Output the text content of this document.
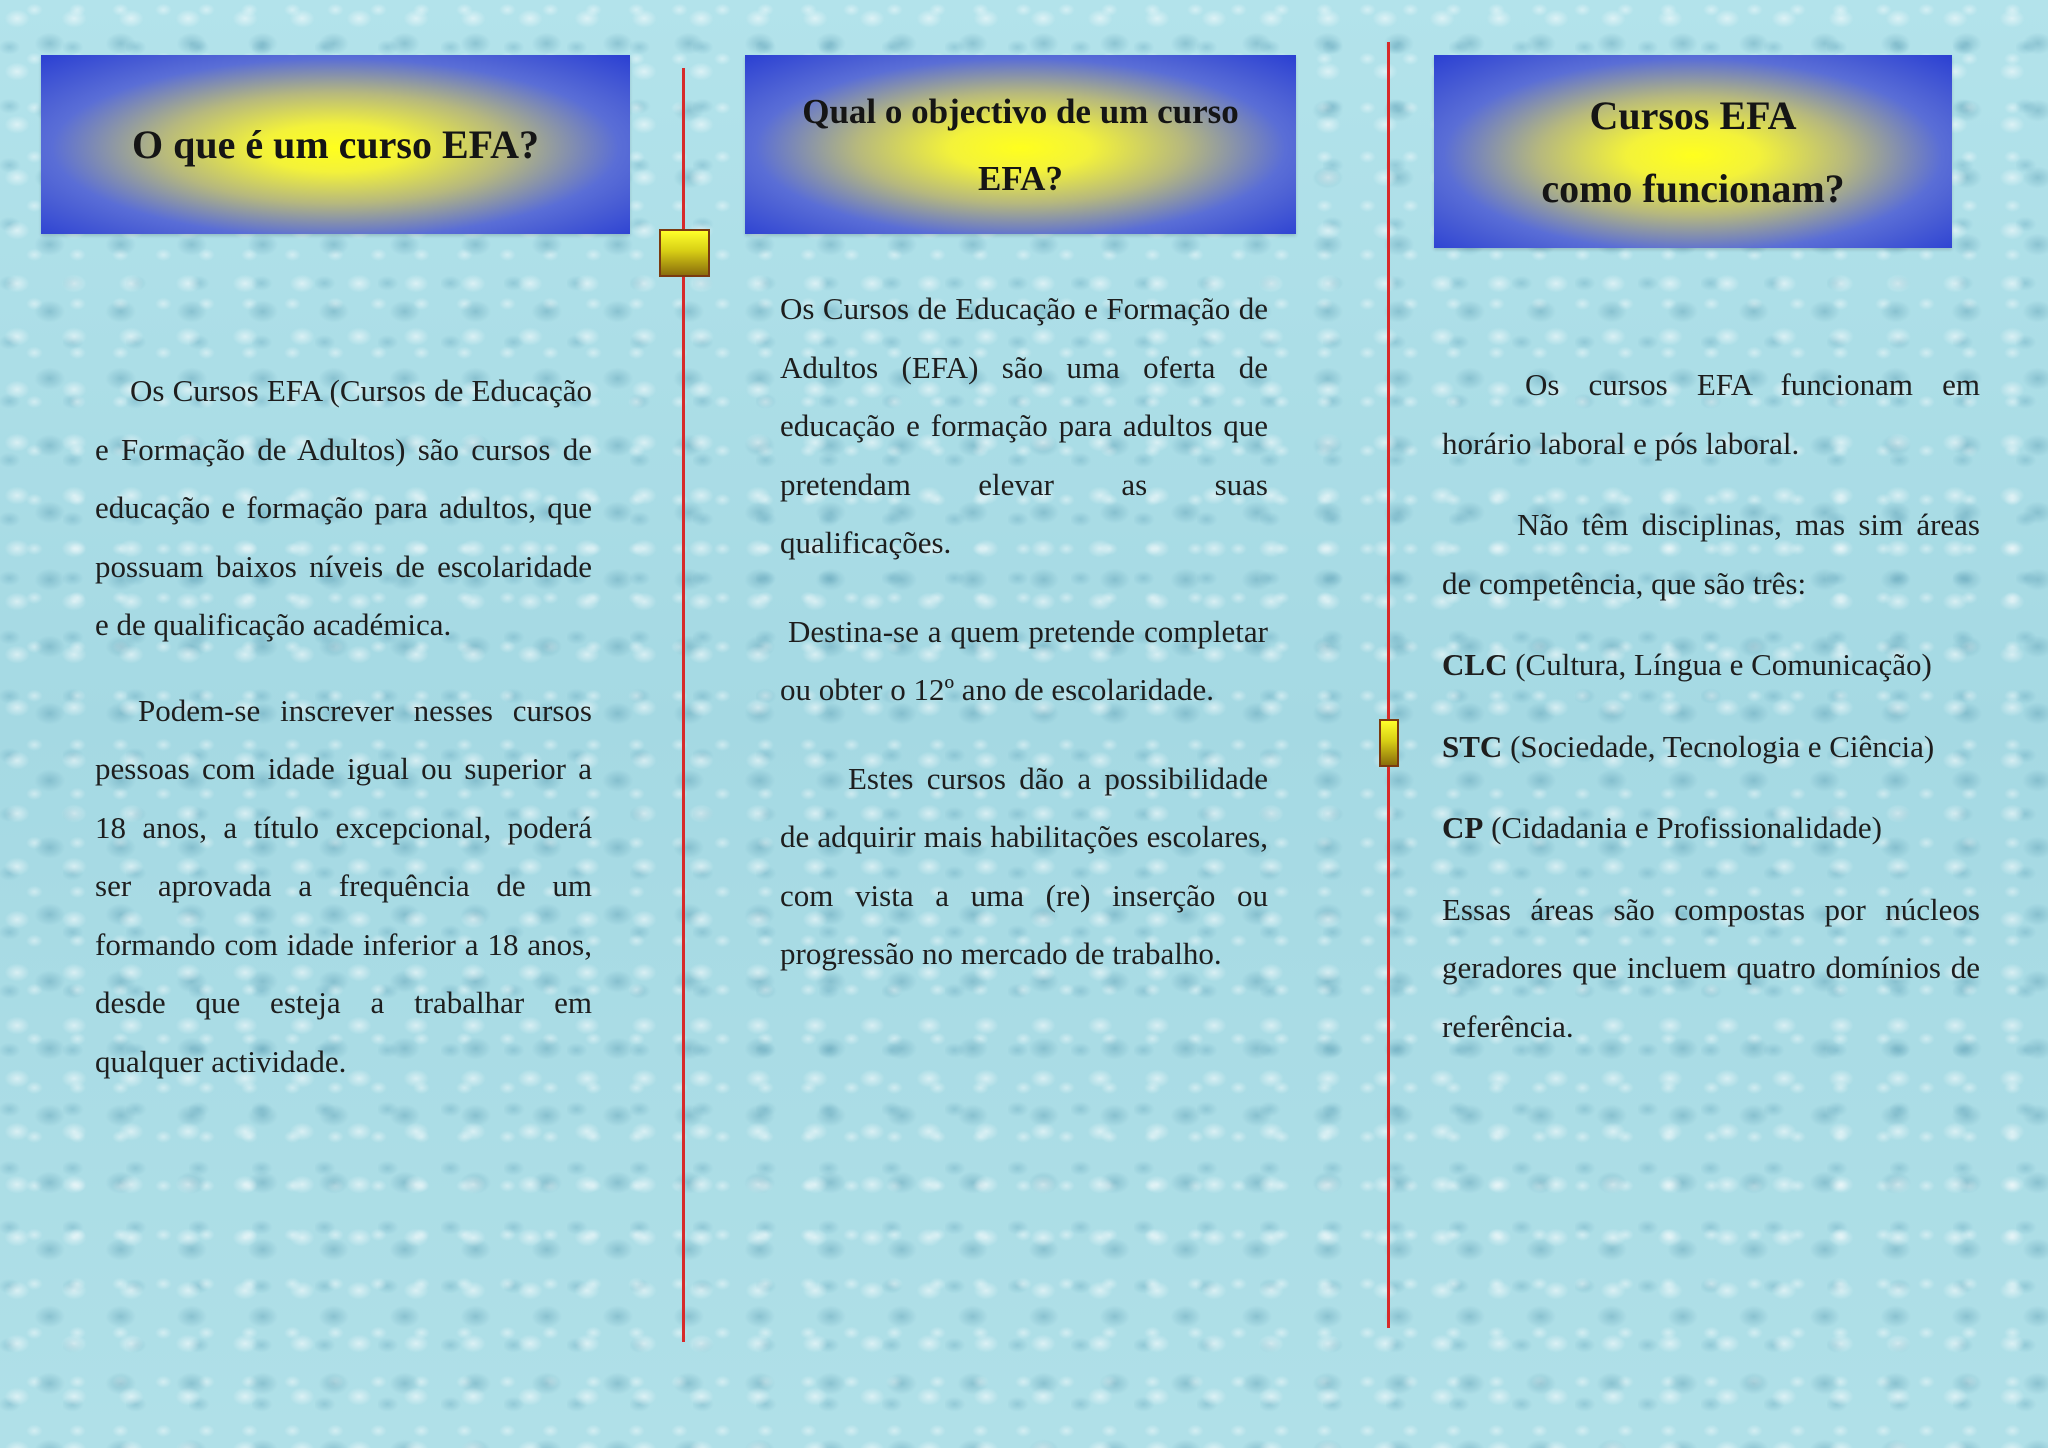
O que é um curso EFA?

Os Cursos EFA (Cursos de Educação e Formação de Adultos) são cursos de educação e formação para adultos, que possuam baixos níveis de escolaridade e de qualificação académica.

Podem-se inscrever nesses cursos pessoas com idade igual ou superior a 18 anos, a título excepcional, poderá ser aprovada a frequência de um formando com idade inferior a 18 anos, desde que esteja a trabalhar em qualquer actividade.

Qual o objectivo de um curso
EFA?

Os Cursos de Educação e Formação de Adultos (EFA) são uma oferta de educação e formação para adultos que pretendam elevar as suas qualificações.

Destina-se a quem pretende completar ou obter o 12º ano de escolaridade.

Estes cursos dão a possibilidade de adquirir mais habilitações escolares, com vista a uma (re) inserção ou progressão no mercado de trabalho.

Cursos EFA
como funcionam?

Os cursos EFA funcionam em horário laboral e pós laboral.

Não têm disciplinas, mas sim áreas de competência, que são três:

CLC (Cultura, Língua e Comunicação)

STC (Sociedade, Tecnologia e Ciência)

CP (Cidadania e Profissionalidade)

Essas áreas são compostas por núcleos geradores que incluem quatro domínios de referência.
